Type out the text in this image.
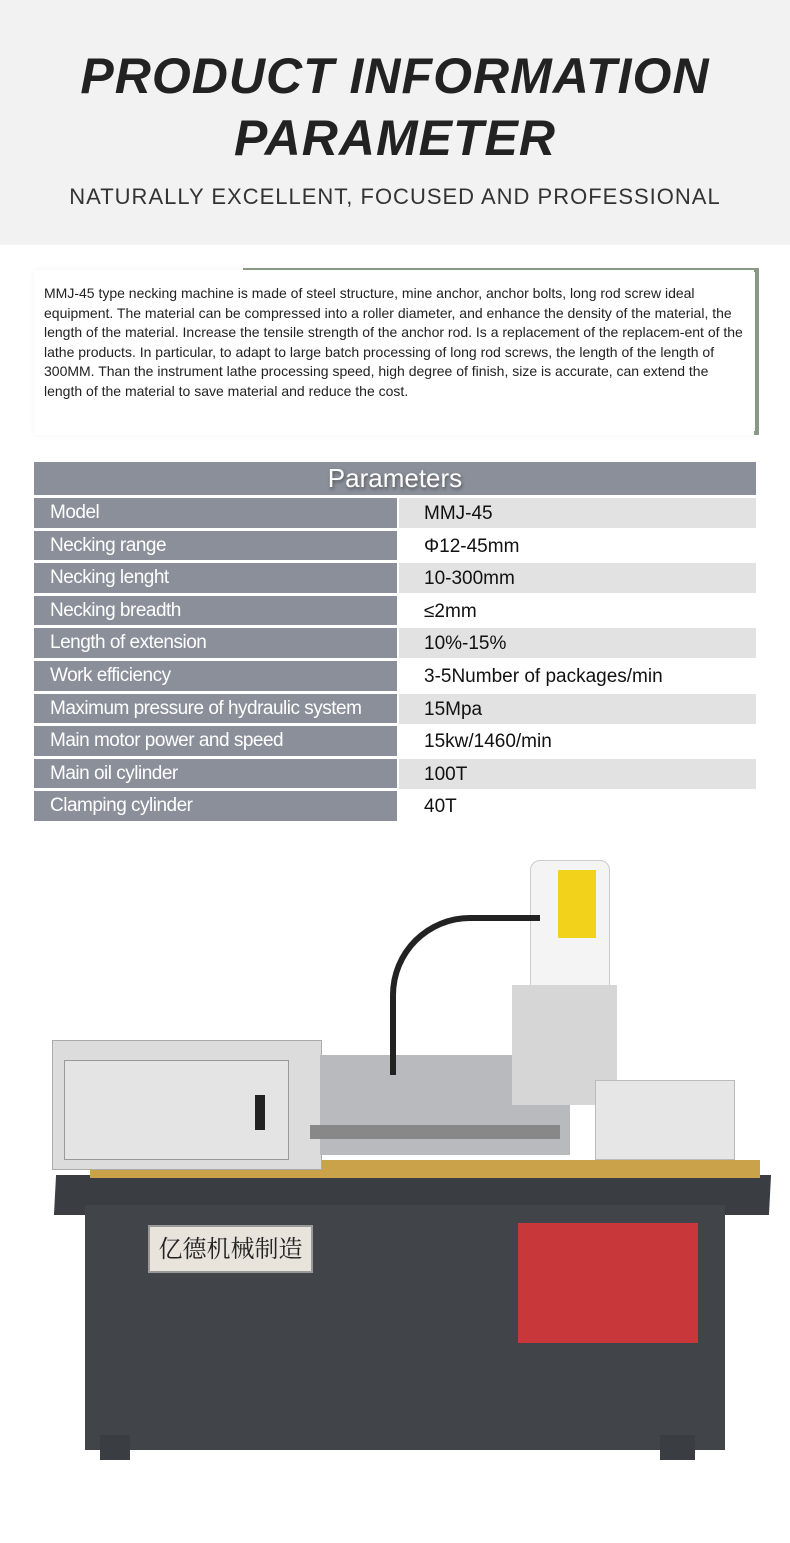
PRODUCT INFORMATION
PARAMETER

NATURALLY EXCELLENT, FOCUSED AND PROFESSIONAL

MMJ-45 type necking machine is made of steel structure, mine anchor, anchor bolts, long rod screw ideal equipment. The material can be compressed into a roller diameter, and enhance the density of the material, the length of the material. Increase the tensile strength of the anchor rod. Is a replacement of the replacem-ent of the lathe products. In particular, to adapt to large batch processing of long rod screws, the length of the length of 300MM. Than the instrument lathe processing speed, high degree of finish, size is accurate, can extend the length of the material to save material and reduce the cost.
Parameters
Model	MMJ-45
Necking range	Φ12-45mm
Necking lenght	10-300mm
Necking breadth	≤2mm
Length of extension	10%-15%
Work efficiency	3-5Number of packages/min
Maximum pressure of hydraulic system	15Mpa
Main motor power and speed	15kw/1460/min
Main oil cylinder	100T
Clamping cylinder	40T
亿德机械制造
